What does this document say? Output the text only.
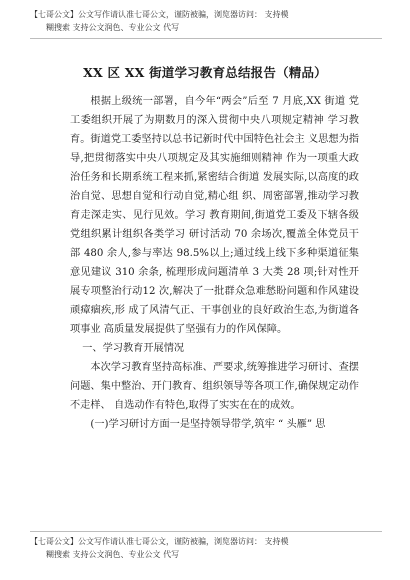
【七哥公文】公文写作请认准七哥公文，谨防被骗，浏览器访问： 支持模
糊搜索 支持公文润色、专业公文 代写
XX 区 XX 街道学习教育总结报告（精品）

根据上级统一部署，自今年“两会”后至 7 月底,XX 街道 党工委组织开展了为期数月的深入贯彻中央八项规定精神 学习教育。街道党工委坚持以总书记新时代中国特色社会主 义思想为指导,把贯彻落实中央八项规定及其实施细则精神 作为一项重大政治任务和长期系统工程来抓,紧密结合街道 发展实际,以高度的政治自觉、思想自觉和行动自觉,精心组 织、周密部署,推动学习教育走深走实、见行见效。学习 教育期间,街道党工委及下辖各级党组织累计组织各类学习 研讨活动 70 余场次,覆盖全体党员干部 480 余人,参与率达 98.5%以上;通过线上线下多种渠道征集意见建议 310 余条, 梳理形成问题清单 3 大类 28 项;针对性开展专项整治行动12 次,解决了一批群众急难愁盼问题和作风建设顽瘴痼疾,形 成了风清气正、干事创业的良好政治生态,为街道各项事业 高质量发展提供了坚强有力的作风保障。

一、学习教育开展情况

本次学习教育坚持高标准、严要求,统筹推进学习研讨、查摆问题、集中整治、开门教育、组织领导等各项工作,确保规定动作不走样、 自选动作有特色,取得了实实在在的成效。

(一)学习研讨方面一是坚持领导带学,筑牢 “ 头雁” 思

【七哥公文】公文写作请认准七哥公文，谨防被骗，浏览器访问： 支持模
糊搜索 支持公文润色、专业公文 代写
